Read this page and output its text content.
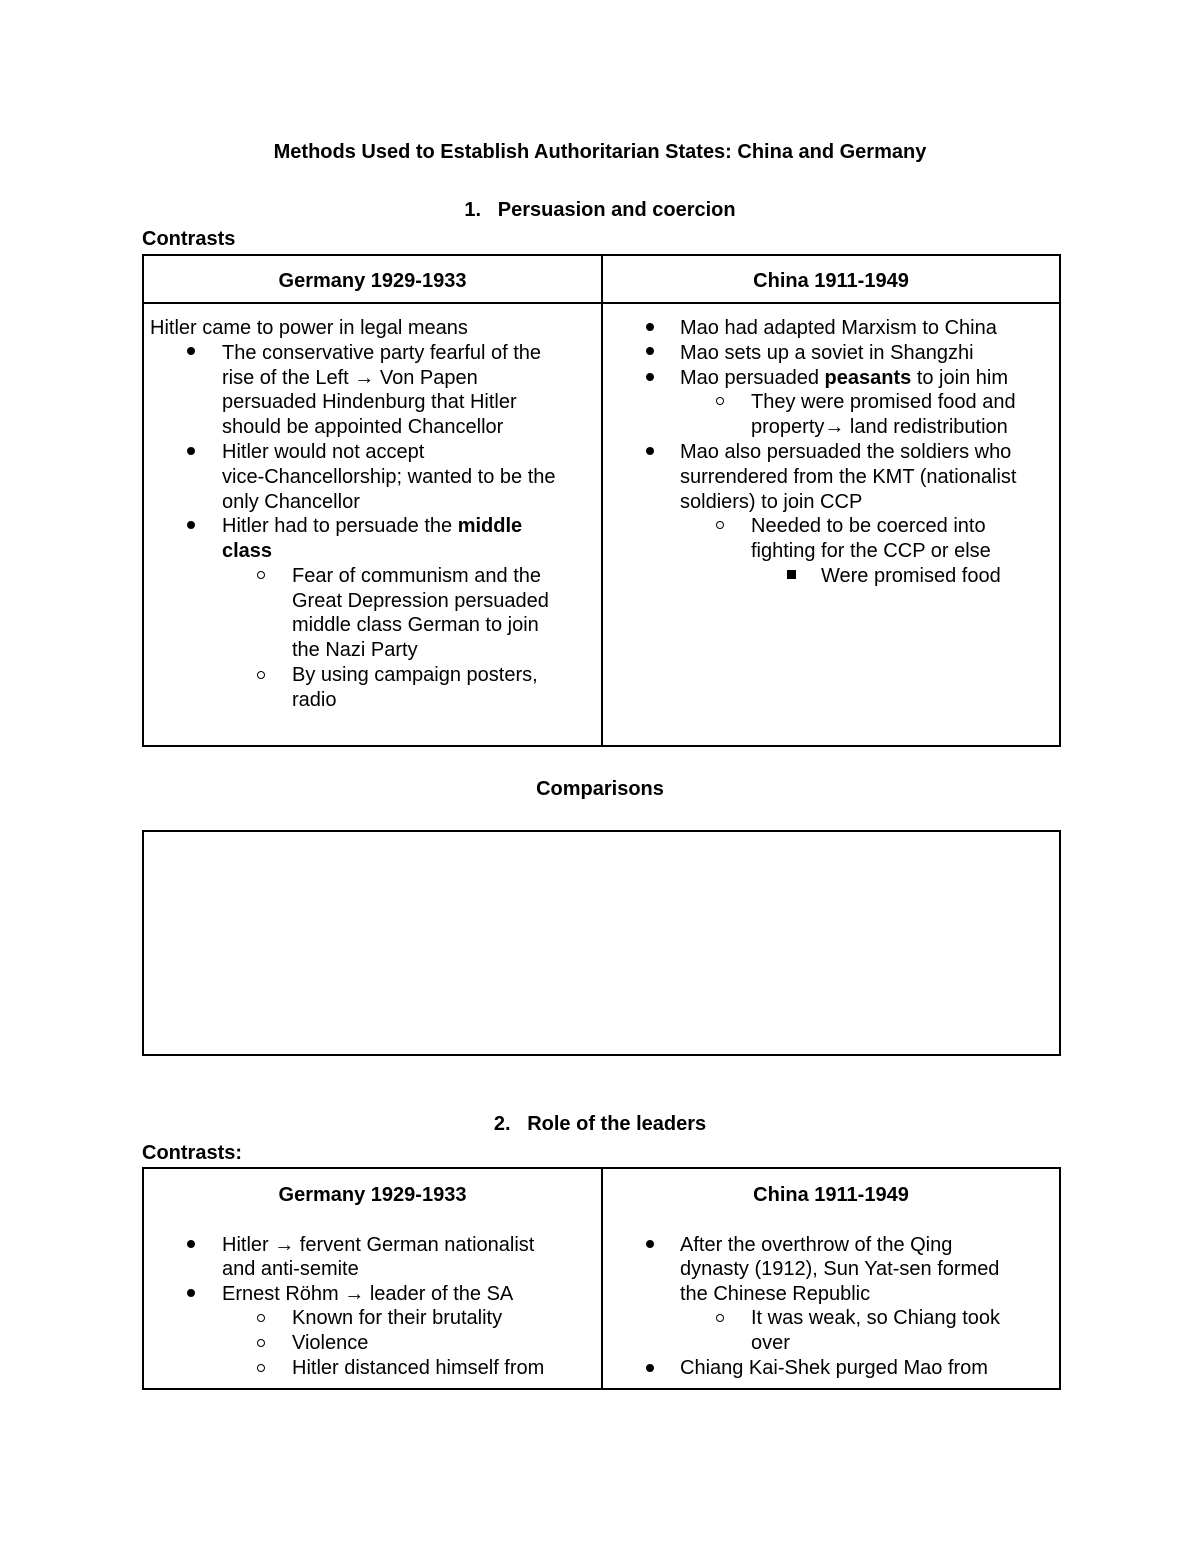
Methods Used to Establish Authoritarian States: China and Germany
1. Persuasion and coercion
Contrasts
Germany 1929-1933	China 1911-1949
Hitler came to power in legal means
The conservative party fearful of the
rise of the Left → Von Papen
persuaded Hindenburg that Hitler
should be appointed Chancellor
Hitler would not accept
vice-Chancellorship; wanted to be the
only Chancellor
Hitler had to persuade the middle
class
Fear of communism and the
Great Depression persuaded
middle class German to join
the Nazi Party
By using campaign posters,
radio
Mao had adapted Marxism to China
Mao sets up a soviet in Shangzhi
Mao persuaded peasants to join him
They were promised food and
property→ land redistribution
Mao also persuaded the soldiers who
surrendered from the KMT (nationalist
soldiers) to join CCP
Needed to be coerced into
fighting for the CCP or else
Were promised food
Comparisons
2. Role of the leaders
Contrasts:
Germany 1929-1933	China 1911-1949
Hitler → fervent German nationalist
and anti-semite
Ernest Röhm → leader of the SA
Known for their brutality
Violence
Hitler distanced himself from
After the overthrow of the Qing
dynasty (1912), Sun Yat-sen formed
the Chinese Republic
It was weak, so Chiang took
over
Chiang Kai-Shek purged Mao from
